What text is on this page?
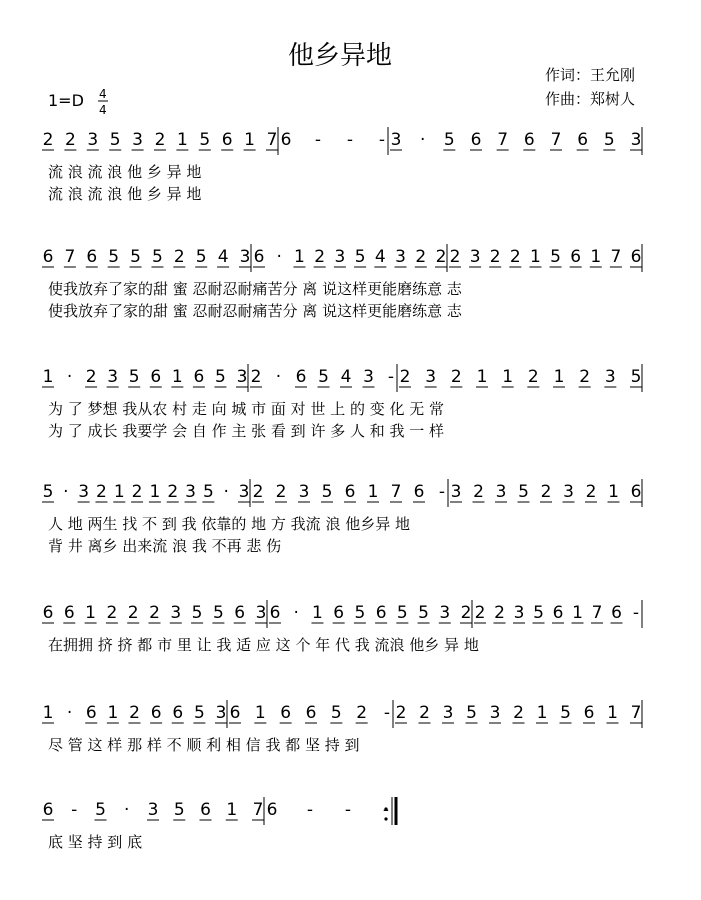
他乡异地
作词：王允刚
作曲：郑树人
1=D 4
4
2 2 3 5 3 2 1 5 6 1 7 6 - - - 3 · 5 6 7 6 7 6 5 3
流 浪 流 浪 他 乡 异 地
流 浪 流 浪 他 乡 异 地
6 7 6 5 5 5 2 5 4 3 6 · 1 2 3 5 4 3 2 2 2 3 2 2 1 5 6 1 7 6
使我放弃了家的甜 蜜 忍耐忍耐痛苦分 离 说这样更能磨练意 志
使我放弃了家的甜 蜜 忍耐忍耐痛苦分 离 说这样更能磨练意 志
1 · 2 3 5 6 1 6 5 3 2 · 6 5 4 3 - 2 3 2 1 1 2 1 2 3 5
为 了 梦想 我从农 村 走 向 城 市 面 对 世 上 的 变 化 无 常
为 了 成长 我要学 会 自 作 主 张 看 到 许 多 人 和 我 一 样
5 · 3 2 1 2 1 2 3 5 · 3 2 2 3 5 6 1 7 6 - 3 2 3 5 2 3 2 1 6
人 地 两生 找 不 到 我 依靠的 地 方 我流 浪 他乡异 地
背 井 离乡 出来流 浪 我 不再 悲 伤
6 6 1 2 2 2 3 5 5 6 3 6 · 1 6 5 6 5 5 3 2 2 2 3 5 6 1 7 6 -
在拥拥 挤 挤 都 市 里 让 我 适 应 这 个 年 代 我 流浪 他乡 异 地
1 · 6 1 2 6 6 5 3 6 1 6 6 5 2 - 2 2 3 5 3 2 1 5 6 1 7
尽 管 这 样 那 样 不 顺 利 相 信 我 都 坚 持 到
6 - 5 · 3 5 6 1 7 6 - - -
底 坚 持 到 底
